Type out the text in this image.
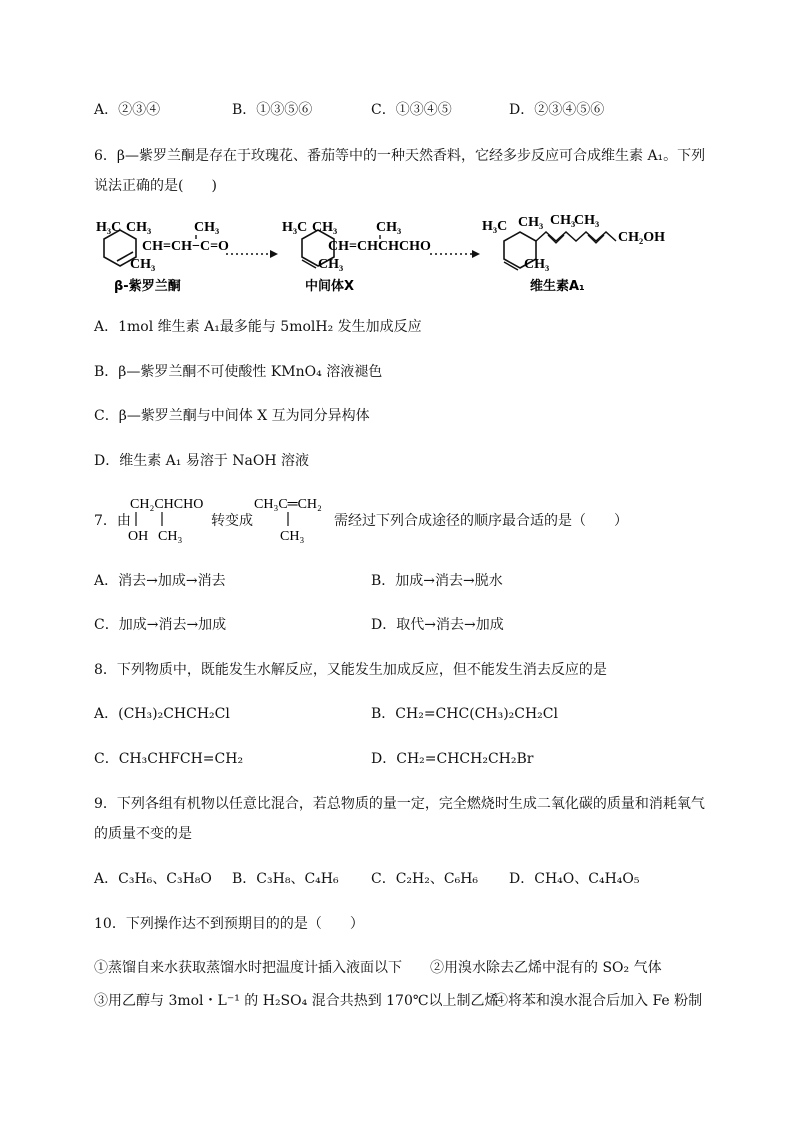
A．②③④	B．①③⑤⑥	C．①③④⑤	D．②③④⑤⑥
6．β—紫罗兰酮是存在于玫瑰花、番茄等中的一种天然香料，它经多步反应可合成维生素 A₁。下列
说法正确的是(　　)
H₃C CH₃
CH=CH−C=O
CH₃
CH₃
β-紫罗兰酮
H₃C CH₃
CH=CHCHCHO
CH₃
CH₃
中间体X
H₃C CH₃ CH₃
CH₃
CH₂OH
CH₃
维生素A₁
A．1mol 维生素 A₁最多能与 5molH₂ 发生加成反应
B．β—紫罗兰酮不可使酸性 KMnO₄ 溶液褪色
C．β—紫罗兰酮与中间体 X 互为同分异构体
D．维生素 A₁ 易溶于 NaOH 溶液
7．由
CH₂CHCHO
OH CH₃
转变成
CH₃C═CH₂
CH₃
需经过下列合成途径的顺序最合适的是（　　）
A．消去→加成→消去	B．加成→消去→脱水
C．加成→消去→加成	D．取代→消去→加成
8．下列物质中，既能发生水解反应，又能发生加成反应，但不能发生消去反应的是
A．(CH₃)₂CHCH₂Cl	B．CH₂=CHC(CH₃)₂CH₂Cl
C．CH₃CHFCH=CH₂	D．CH₂=CHCH₂CH₂Br
9．下列各组有机物以任意比混合，若总物质的量一定，完全燃烧时生成二氧化碳的质量和消耗氧气
的质量不变的是
A．C₃H₆、C₃H₈O B．C₃H₈、C₄H₆ C．C₂H₂、C₆H₆ D．CH₄O、C₄H₄O₅
10．下列操作达不到预期目的的是（　　）
①蒸馏自来水获取蒸馏水时把温度计插入液面以下 ②用溴水除去乙烯中混有的 SO₂ 气体
③用乙醇与 3mol・L⁻¹ 的 H₂SO₄ 混合共热到 170℃以上制乙烯
④将苯和溴水混合后加入 Fe 粉制
